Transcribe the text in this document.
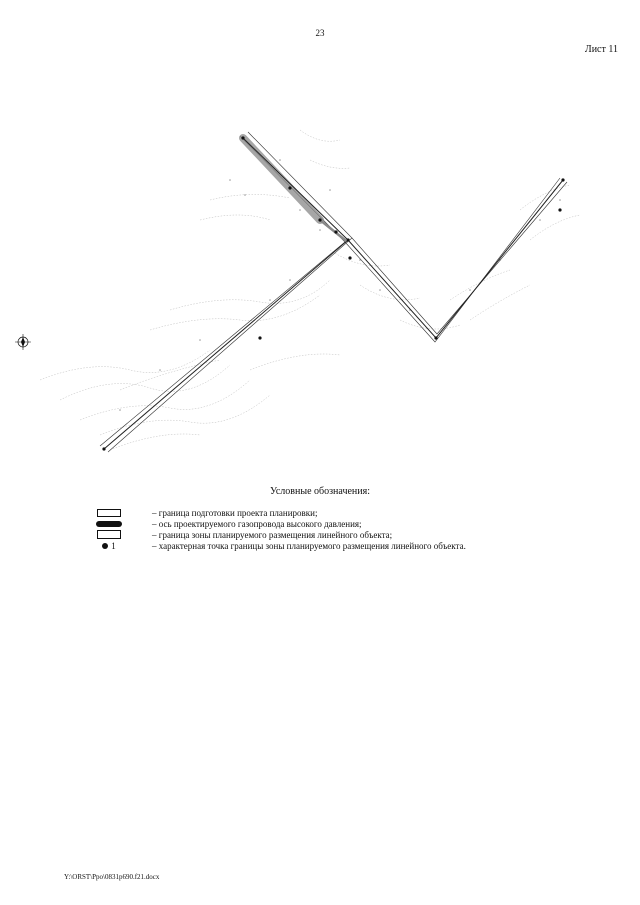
23
Лист 11
Условные обозначения:
– граница подготовки проекта планировки;
– ось проектируемого газопровода высокого давления;
– граница зоны планируемого размещения линейного объекта;
1	– характерная точка границы зоны планируемого размещения линейного объекта.
Y:\ORST\Ppo\0831p690.f21.docx
